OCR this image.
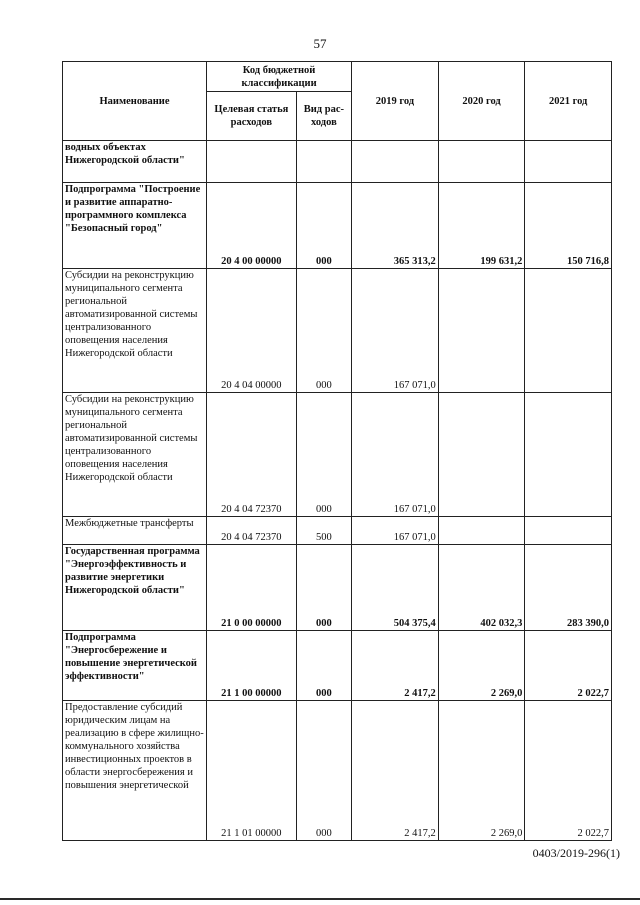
57
Наименование	Код бюджетной классификации		2019 год	2020 год	2021 год
	Целевая статья расходов	Вид рас-ходов			
водных объектах Нижегородской области"					
Подпрограмма "Построение и развитие аппаратно-программного комплекса "Безопасный город"	20 4 00 00000	000	365 313,2	199 631,2	150 716,8
Субсидии на реконструкцию муниципального сегмента региональной автоматизированной системы централизованного оповещения населения Нижегородской области	20 4 04 00000	000	167 071,0		
Субсидии на реконструкцию муниципального сегмента региональной автоматизированной системы централизованного оповещения населения Нижегородской области	20 4 04 72370	000	167 071,0		
Межбюджетные трансферты	20 4 04 72370	500	167 071,0		
Государственная программа "Энергоэффективность и развитие энергетики Нижегородской области"	21 0 00 00000	000	504 375,4	402 032,3	283 390,0
Подпрограмма "Энергосбережение и повышение энергетической эффективности"	21 1 00 00000	000	2 417,2	2 269,0	2 022,7
Предоставление субсидий юридическим лицам на реализацию в сфере жилищно-коммунального хозяйства инвестиционных проектов в области энергосбережения и повышения энергетической	21 1 01 00000	000	2 417,2	2 269,0	2 022,7
0403/2019-296(1)
